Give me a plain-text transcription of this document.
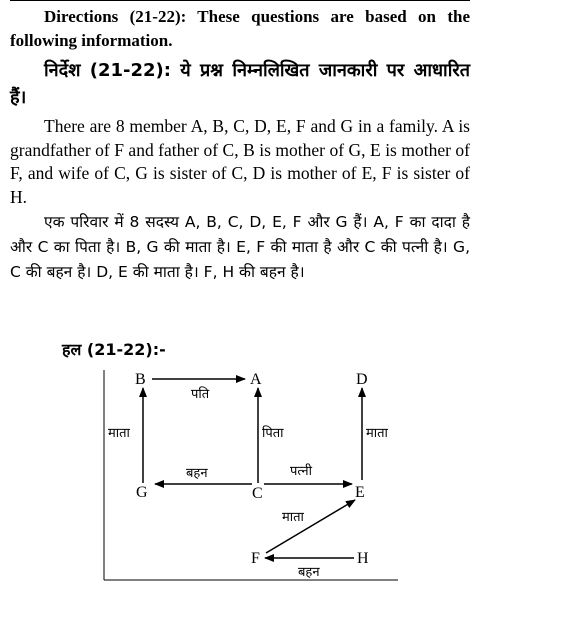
Directions (21-22): These questions are based on the following information.

निर्देश (21-22): ये प्रश्न निम्नलिखित जानकारी पर आधारित हैं।

There are 8 member A, B, C, D, E, F and G in a family. A is grandfather of F and father of C, B is mother of G, E is mother of F, and wife of C, G is sister of C, D is mother of E, F is sister of H.

एक परिवार में 8 सदस्य A, B, C, D, E, F और G हैं। A, F का दादा है और C का पिता है। B, G की माता है। E, F की माता है और C की पत्नी है। G, C की बहन है। D, E की माता है। F, H की बहन है।

हल (21-22):-
B	A	D
G	C	E
F	H
पति
माता	पिता	माता
बहन	पत्नी
माता
बहन
